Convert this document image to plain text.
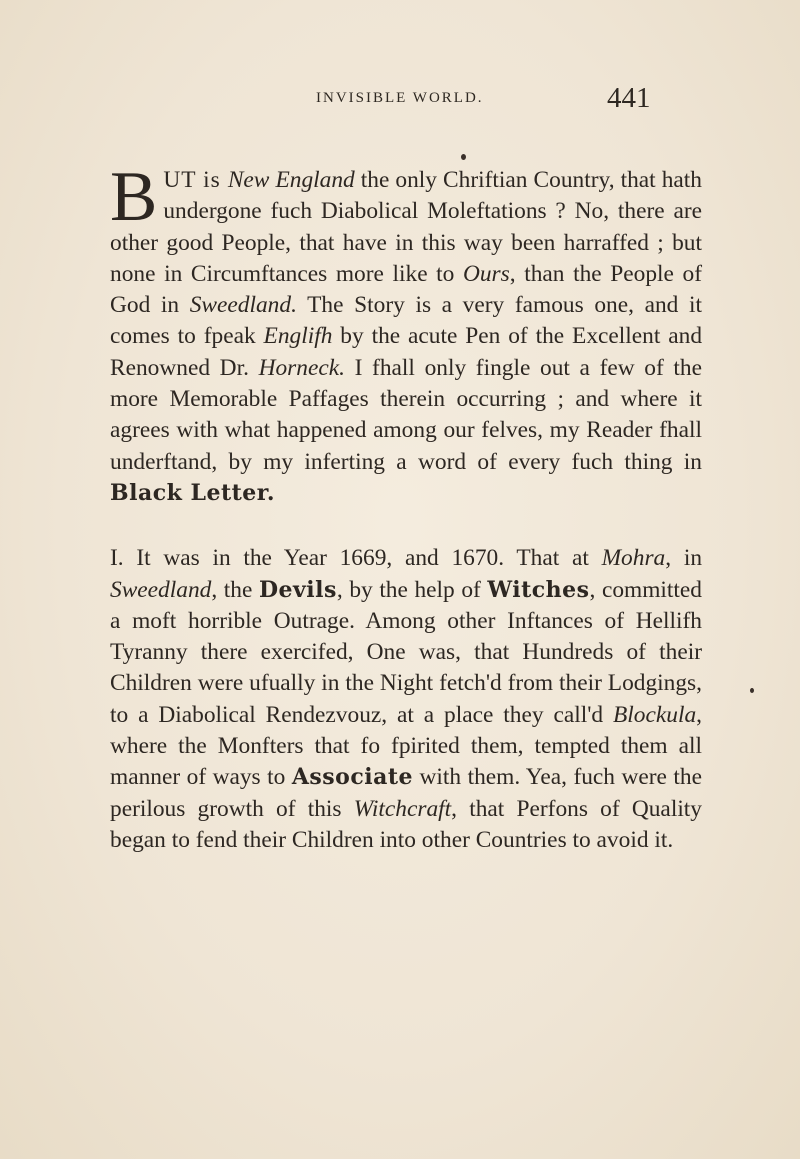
INVISIBLE WORLD.	441
BUT is New England the only Chriftian Country, that hath undergone fuch Diabolical Moleftations ? No, there are other good People, that have in this way been harraffed ; but none in Circumftances more like to Ours, than the People of God in Sweedland. The Story is a very famous one, and it comes to fpeak Englifh by the acute Pen of the Excellent and Renowned Dr. Horneck. I fhall only fingle out a few of the more Memorable Paffages therein occurring ; and where it agrees with what happened among our felves, my Reader fhall underftand, by my inferting a word of every fuch thing in Black Letter.
I. It was in the Year 1669, and 1670. That at Mohra, in Sweedland, the Devils, by the help of Witches, committed a moft horrible Outrage. Among other Inftances of Hellifh Tyranny there exercifed, One was, that Hundreds of their Children were ufually in the Night fetch'd from their Lodgings, to a Diabolical Rendezvouz, at a place they call'd Blockula, where the Monfters that fo fpirited them, tempted them all manner of ways to Associate with them. Yea, fuch were the perilous growth of this Witchcraft, that Perfons of Quality began to fend their Children into other Countries to avoid it.
